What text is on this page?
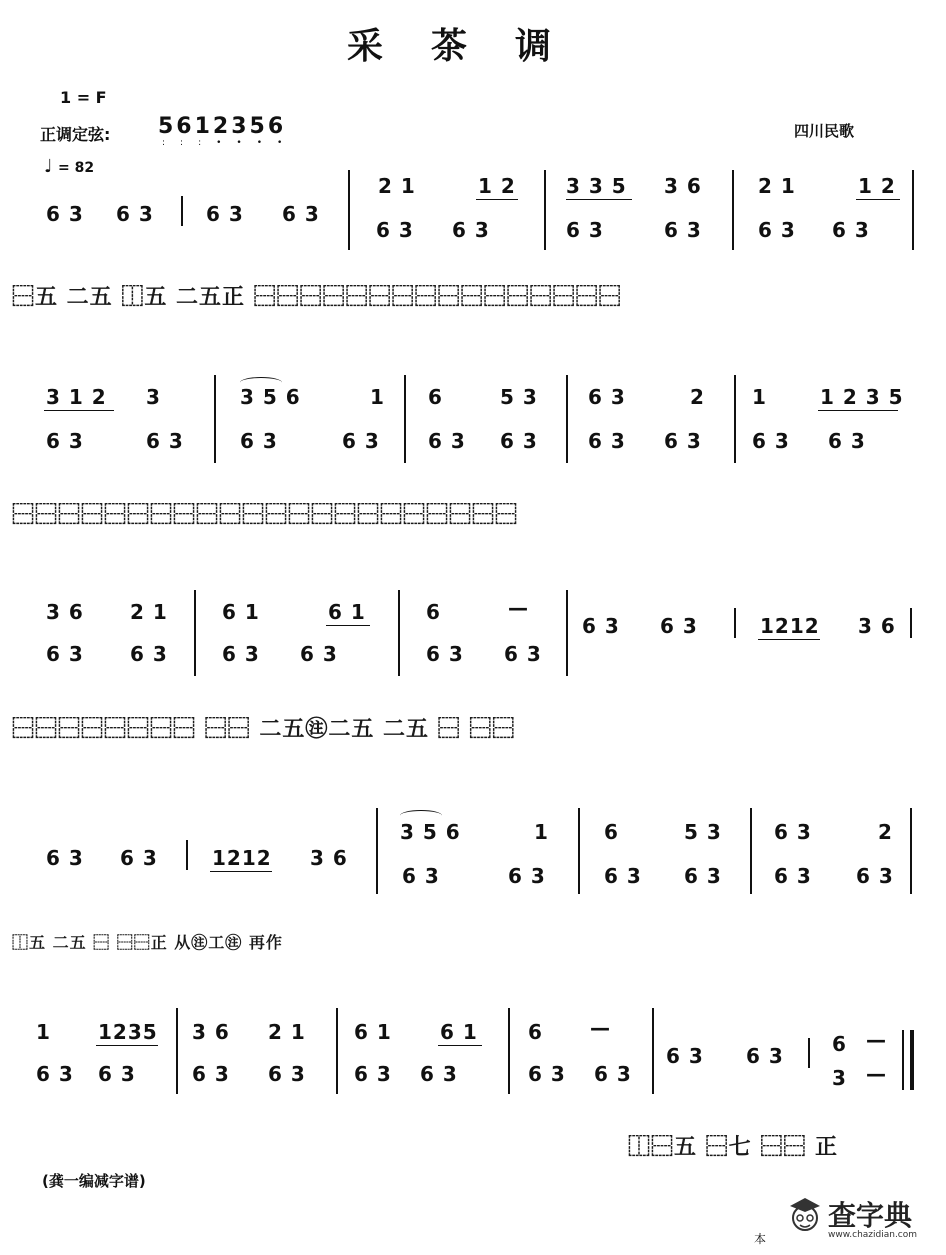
采茶调
1 = F
正调定弦: 5612356
:::••••
♩ = 82
四川民歌
6 3 6 3	6 3 6 3
2 1	1 2
6 3 6 3
3 3 5 3 6
6 3	6 3
2 1	1 2
6 3 6 3
⿱五 二五 ⿰五 二五正 ⿱⿱⿱⿱⿱⿱⿱⿱⿱⿱⿱⿱⿱⿱⿱⿱
3 1 2 3
6 3	6 3
3 5 6	1
6 3	6 3
6	5 3
6 3 6 3
6 3	2
6 3 6 3
1	1 2 3 5
6 3 6 3
⿱⿱⿱⿱⿱⿱⿱⿱⿱⿱⿱⿱⿱⿱⿱⿱⿱⿱⿱⿱⿱⿱
3 6 2 1
6 3 6 3
6 1	6 1
6 3 6 3
6	—
6 3 6 3
6 3 6 3	1212 3 6
⿱⿱⿱⿱⿱⿱⿱⿱ ⿱⿱ 二五㊟二五 二五 ⿱ ⿱⿱
6 3 6 3	1212 3 6
3 5 6	1
6 3	6 3
6	5 3
6 3 6 3
6 3	2
6 3 6 3
⿰五 二五 ⿱ ⿱⿱正 从㊟工㊟ 再作
1 1235
6 3 6 3
3 6 2 1
6 3 6 3
6 1 6 1
6 3 6 3
6 —
6 3 6 3
6 3 6 3 6 —
3 —
⿰⿱五 ⿱七 ⿱⿱ 正
(龚一编减字谱)
本
查字典
www.chazidian.com
